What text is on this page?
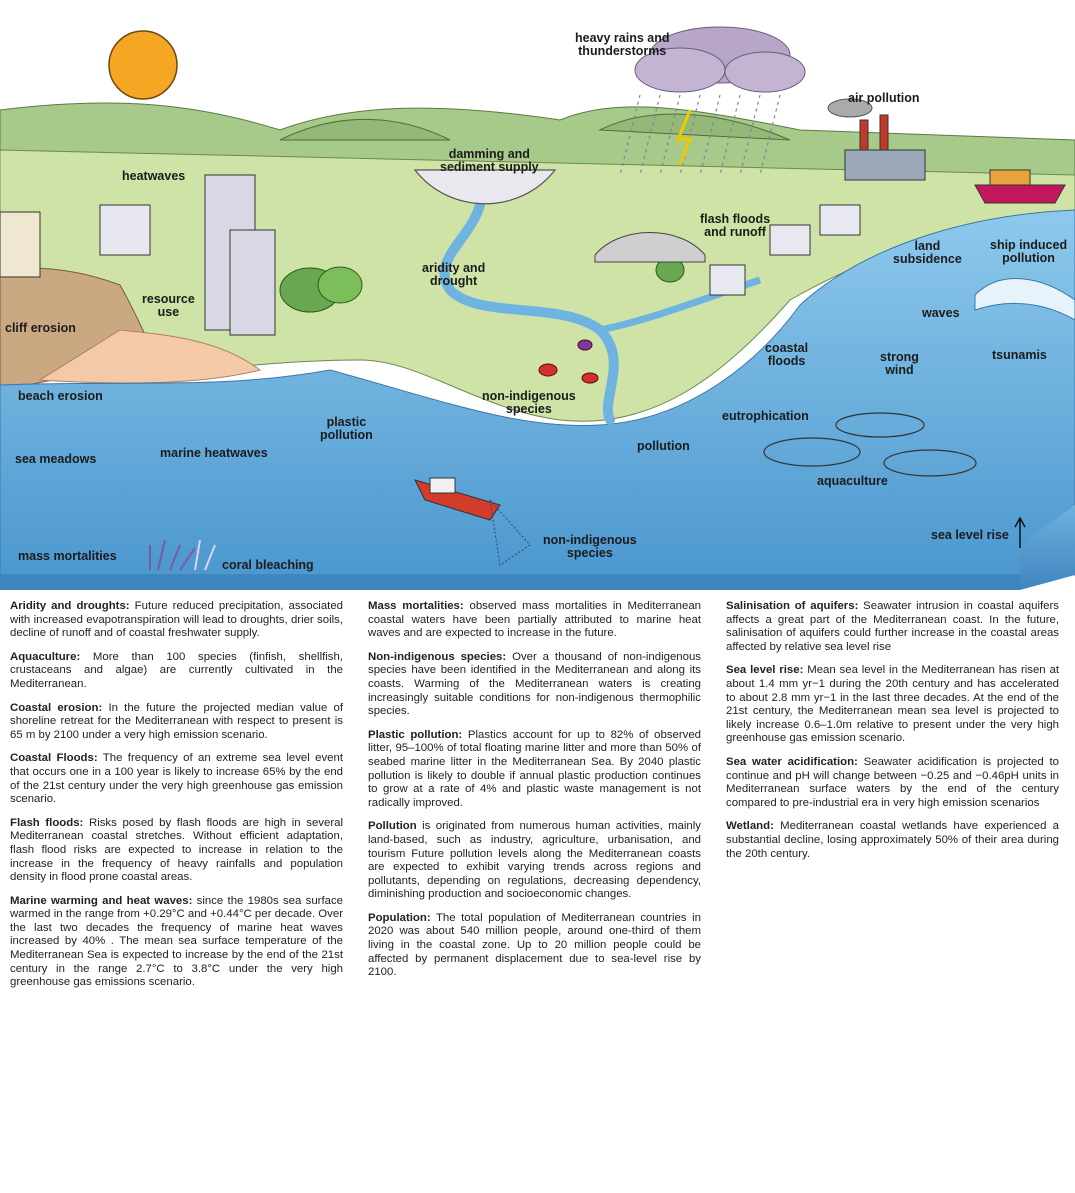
heavy rains and
thunderstorms
air pollution
damming and
sediment supply
heatwaves
flash floods
and runoff
land
subsidence
ship induced
pollution
aridity and
drought
resource
use
cliff erosion
waves
coastal
floods	strong
wind
tsunamis
beach erosion	non-indigenous
species
plastic
pollution
eutrophication
pollution
sea meadows	marine heatwaves
aquaculture
sea level rise
non-indigenous
species
mass mortalities
coral bleaching

Aridity and droughts: Future reduced precipitation, associated with increased evapotranspiration will lead to droughts, drier soils, decline of runoff and of coastal freshwater supply.

Aquaculture: More than 100 species (finfish, shellfish, crustaceans and algae) are currently cultivated in the Mediterranean.

Coastal erosion: In the future the projected median value of shoreline retreat for the Mediterranean with respect to present is 65 m by 2100 under a very high emission scenario.

Coastal Floods: The frequency of an extreme sea level event that occurs one in a 100 year is likely to increase 65% by the end of the 21st century under the very high greenhouse gas emission scenario.

Flash floods: Risks posed by flash floods are high in several Mediterranean coastal stretches. Without efficient adaptation, flash flood risks are expected to increase in relation to the increase in the frequency of heavy rainfalls and population density in flood prone coastal areas.

Marine warming and heat waves: since the 1980s sea surface warmed in the range from +0.29°C and +0.44°C per decade. Over the last two decades the frequency of marine heat waves increased by 40% . The mean sea surface temperature of the Mediterranean Sea is expected to increase by the end of the 21st century in the range 2.7°C to 3.8°C under the very high greenhouse gas emissions scenario.

Mass mortalities: observed mass mortalities in Mediterranean coastal waters have been partially attributed to marine heat waves and are expected to increase in the future.

Non-indigenous species: Over a thousand of non-indigenous species have been identified in the Mediterranean and along its coasts. Warming of the Mediterranean waters is creating increasingly suitable conditions for non-indigenous thermophilic species.

Plastic pollution: Plastics account for up to 82% of observed litter, 95–100% of total floating marine litter and more than 50% of seabed marine litter in the Mediterranean Sea. By 2040 plastic pollution is likely to double if annual plastic production continues to grow at a rate of 4% and plastic waste management is not radically improved.

Pollution is originated from numerous human activities, mainly land-based, such as industry, agriculture, urbanisation, and tourism Future pollution levels along the Mediterranean coasts are expected to exhibit varying trends across regions and pollutants, depending on regulations, decreasing dependency, diminishing production and socioeconomic changes.

Population: The total population of Mediterranean countries in 2020 was about 540 million people, around one-third of them living in the coastal zone. Up to 20 million people could be affected by permanent displacement due to sea-level rise by 2100.

Salinisation of aquifers: Seawater intrusion in coastal aquifers affects a great part of the Mediterranean coast. In the future, salinisation of aquifers could further increase in the coastal areas affected by relative sea level rise

Sea level rise: Mean sea level in the Mediterranean has risen at about 1.4 mm yr−1 during the 20th century and has accelerated to about 2.8 mm yr−1 in the last three decades. At the end of the 21st century, the Mediterranean mean sea level is projected to likely increase 0.6–1.0m relative to present under the very high greenhouse gas emission scenario.

Sea water acidification: Seawater acidification is projected to continue and pH will change between −0.25 and −0.46pH units in Mediterranean surface waters by the end of the century compared to pre-industrial era in very high emission scenarios

Wetland: Mediterranean coastal wetlands have experienced a substantial decline, losing approximately 50% of their area during the 20th century.
